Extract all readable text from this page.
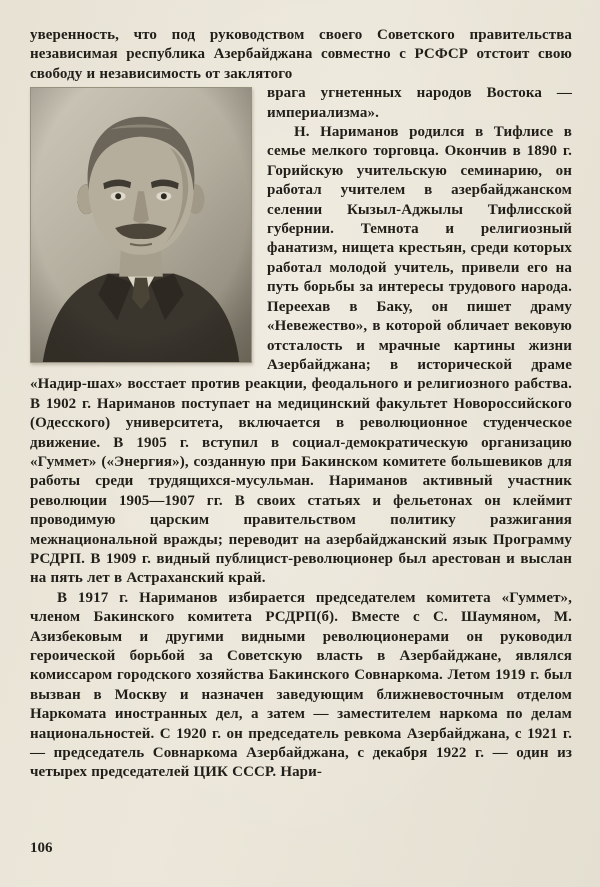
уверенность, что под руководством своего Советского правительства независимая республика Азербайджана совместно с РСФСР отстоит свою свободу и независимость от заклятого

врага угнетенных народов Востока — империализма».

Н. Нариманов родился в Тифлисе в семье мелкого торговца. Окончив в 1890 г. Горийскую учительскую семинарию, он работал учителем в азербайджанском селении Кызыл-Аджылы Тифлисской губернии. Темнота и религиозный фанатизм, нищета крестьян, среди которых работал молодой учитель, привели его на путь борьбы за интересы трудового народа. Переехав в Баку, он пишет драму «Невежество», в которой обличает вековую отсталость и мрачные картины жизни Азербайджана; в исторической драме «Надир-шах» восстает против реакции, феодального и религиозного рабства. В 1902 г. Нариманов поступает на медицинский факультет Новороссийского (Одесского) университета, включается в революционное студенческое движение. В 1905 г. вступил в социал-демократическую организацию «Гуммет» («Энергия»), созданную при Бакинском комитете большевиков для работы среди трудящихся-мусульман. Нариманов активный участник революции 1905—1907 гг. В своих статьях и фельетонах он клеймит проводимую царским правительством политику разжигания межнациональной вражды; переводит на азербайджанский язык Программу РСДРП. В 1909 г. видный публицист-революционер был арестован и выслан на пять лет в Астраханский край.

В 1917 г. Нариманов избирается председателем комитета «Гуммет», членом Бакинского комитета РСДРП(б). Вместе с С. Шаумяном, М. Азизбековым и другими видными революционерами он руководил героической борьбой за Советскую власть в Азербайджане, являлся комиссаром городского хозяйства Бакинского Совнаркома. Летом 1919 г. был вызван в Москву и назначен заведующим ближневосточным отделом Наркомата иностранных дел, а затем — заместителем наркома по делам национальностей. С 1920 г. он председатель ревкома Азербайджана, с 1921 г. — председатель Совнаркома Азербайджана, с декабря 1922 г. — один из четырех председателей ЦИК СССР. Нари-

106
